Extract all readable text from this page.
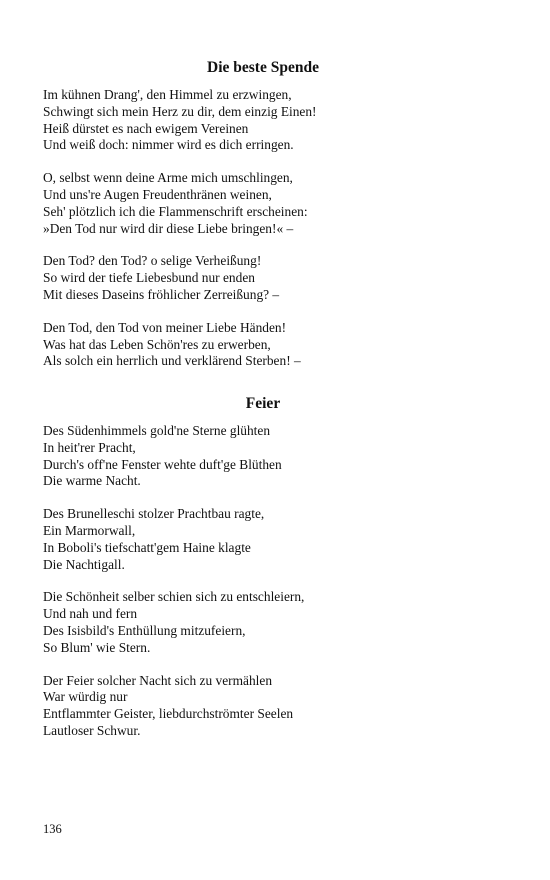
Die beste Spende
Im kühnen Drang', den Himmel zu erzwingen,
Schwingt sich mein Herz zu dir, dem einzig Einen!
Heiß dürstet es nach ewigem Vereinen
Und weiß doch: nimmer wird es dich erringen.
O, selbst wenn deine Arme mich umschlingen,
Und uns're Augen Freudenthränen weinen,
Seh' plötzlich ich die Flammenschrift erscheinen:
»Den Tod nur wird dir diese Liebe bringen!« –
Den Tod? den Tod? o selige Verheißung!
So wird der tiefe Liebesbund nur enden
Mit dieses Daseins fröhlicher Zerreißung? –
Den Tod, den Tod von meiner Liebe Händen!
Was hat das Leben Schön'res zu erwerben,
Als solch ein herrlich und verklärend Sterben! –
Feier
Des Südenhimmels gold'ne Sterne glühten
In heit'rer Pracht,
Durch's off'ne Fenster wehte duft'ge Blüthen
Die warme Nacht.
Des Brunelleschi stolzer Prachtbau ragte,
Ein Marmorwall,
In Boboli's tiefschatt'gem Haine klagte
Die Nachtigall.
Die Schönheit selber schien sich zu entschleiern,
Und nah und fern
Des Isisbild's Enthüllung mitzufeiern,
So Blum' wie Stern.
Der Feier solcher Nacht sich zu vermählen
War würdig nur
Entflammter Geister, liebdurchströmter Seelen
Lautloser Schwur.
136
